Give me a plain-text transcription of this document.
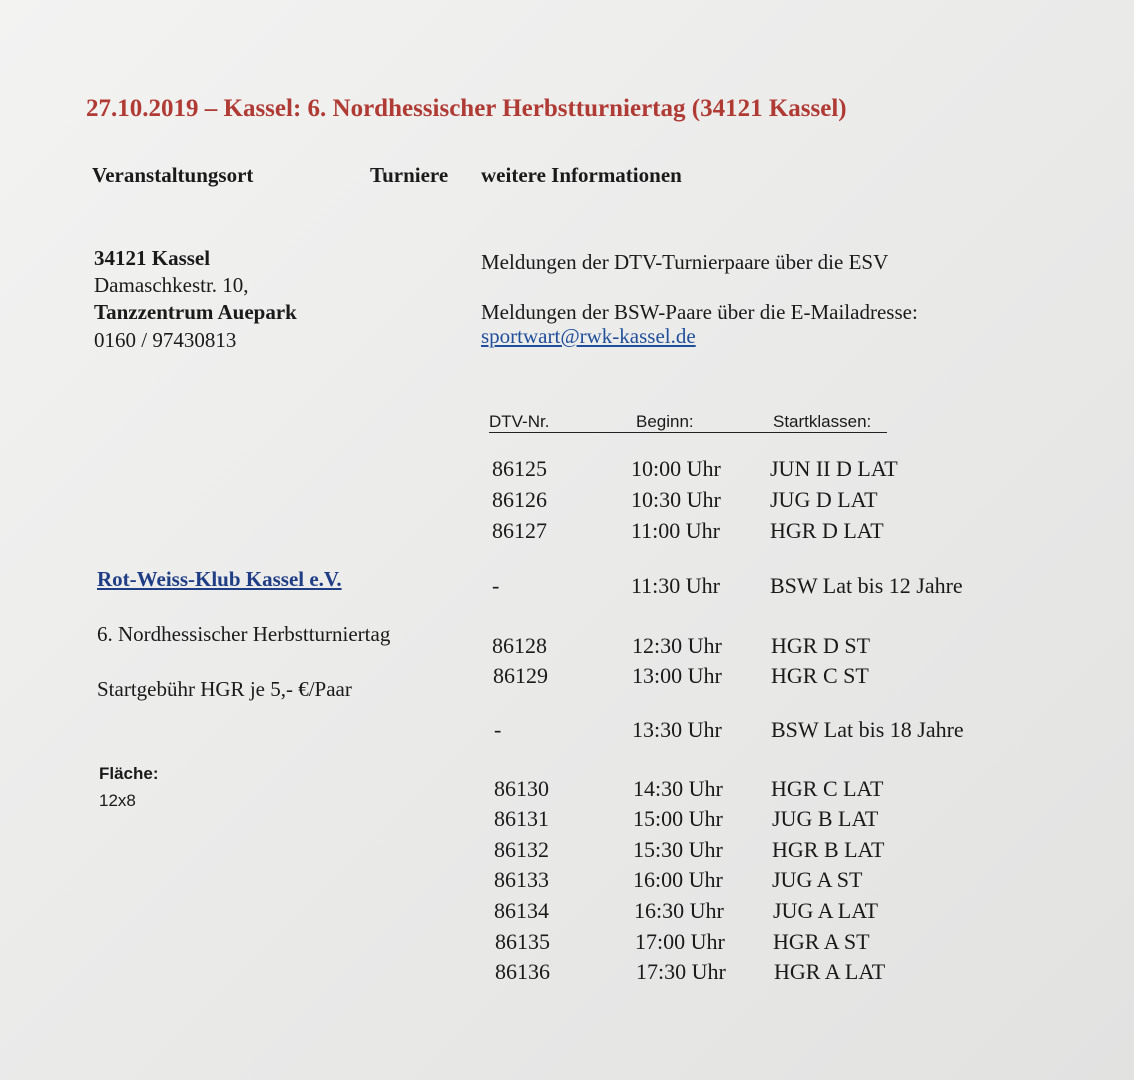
27.10.2019 – Kassel: 6. Nordhessischer Herbstturniertag (34121 Kassel)
Veranstaltungsort	Turniere weitere Informationen
34121 Kassel
Damaschkestr. 10,
Tanzzentrum Auepark
0160 / 97430813
Meldungen der DTV-Turnierpaare über die ESV
Meldungen der BSW-Paare über die E-Mailadresse:
sportwart@rwk-kassel.de
Rot-Weiss-Klub Kassel e.V.
6. Nordhessischer Herbstturniertag
Startgebühr HGR je 5,- €/Paar
Fläche:
12x8
DTV-Nr.	Beginn:	Startklassen:
86125	10:00 Uhr JUN II D LAT
86126	10:30 Uhr JUG D LAT
86127	11:00 Uhr HGR D LAT
-	11:30 Uhr BSW Lat bis 12 Jahre
86128	12:30 Uhr HGR D ST
86129	13:00 Uhr HGR C ST
-	13:30 Uhr BSW Lat bis 18 Jahre
86130	14:30 Uhr HGR C LAT
86131	15:00 Uhr JUG B LAT
86132	15:30 Uhr HGR B LAT
86133	16:00 Uhr JUG A ST
86134	16:30 Uhr JUG A LAT
86135	17:00 Uhr HGR A ST
86136	17:30 Uhr HGR A LAT
